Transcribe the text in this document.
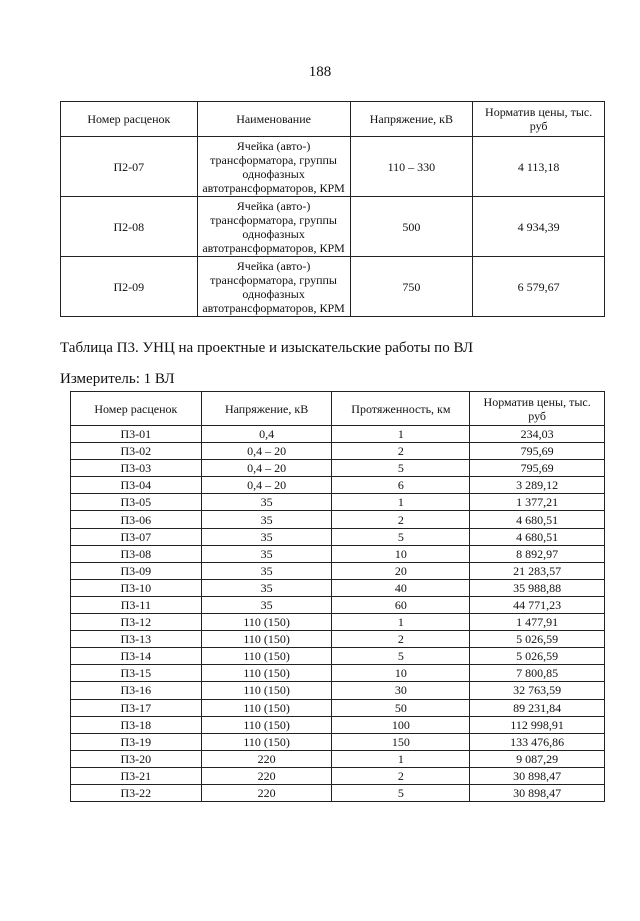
188
Номер расценок	Наименование	Напряжение, кВ	Норматив цены, тыс. руб
П2-07	Ячейка (авто-) трансформатора, группы однофазных автотрансформаторов, КРМ	110 – 330	4 113,18
П2-08	Ячейка (авто-) трансформатора, группы однофазных автотрансформаторов, КРМ	500	4 934,39
П2-09	Ячейка (авто-) трансформатора, группы однофазных автотрансформаторов, КРМ	750	6 579,67
Таблица П3. УНЦ на проектные и изыскательские работы по ВЛ
Измеритель: 1 ВЛ
Номер расценок	Напряжение, кВ	Протяженность, км	Норматив цены, тыс. руб
П3-01	0,4	1	234,03
П3-02	0,4 – 20	2	795,69
П3-03	0,4 – 20	5	795,69
П3-04	0,4 – 20	6	3 289,12
П3-05	35	1	1 377,21
П3-06	35	2	4 680,51
П3-07	35	5	4 680,51
П3-08	35	10	8 892,97
П3-09	35	20	21 283,57
П3-10	35	40	35 988,88
П3-11	35	60	44 771,23
П3-12	110 (150)	1	1 477,91
П3-13	110 (150)	2	5 026,59
П3-14	110 (150)	5	5 026,59
П3-15	110 (150)	10	7 800,85
П3-16	110 (150)	30	32 763,59
П3-17	110 (150)	50	89 231,84
П3-18	110 (150)	100	112 998,91
П3-19	110 (150)	150	133 476,86
П3-20	220	1	9 087,29
П3-21	220	2	30 898,47
П3-22	220	5	30 898,47
